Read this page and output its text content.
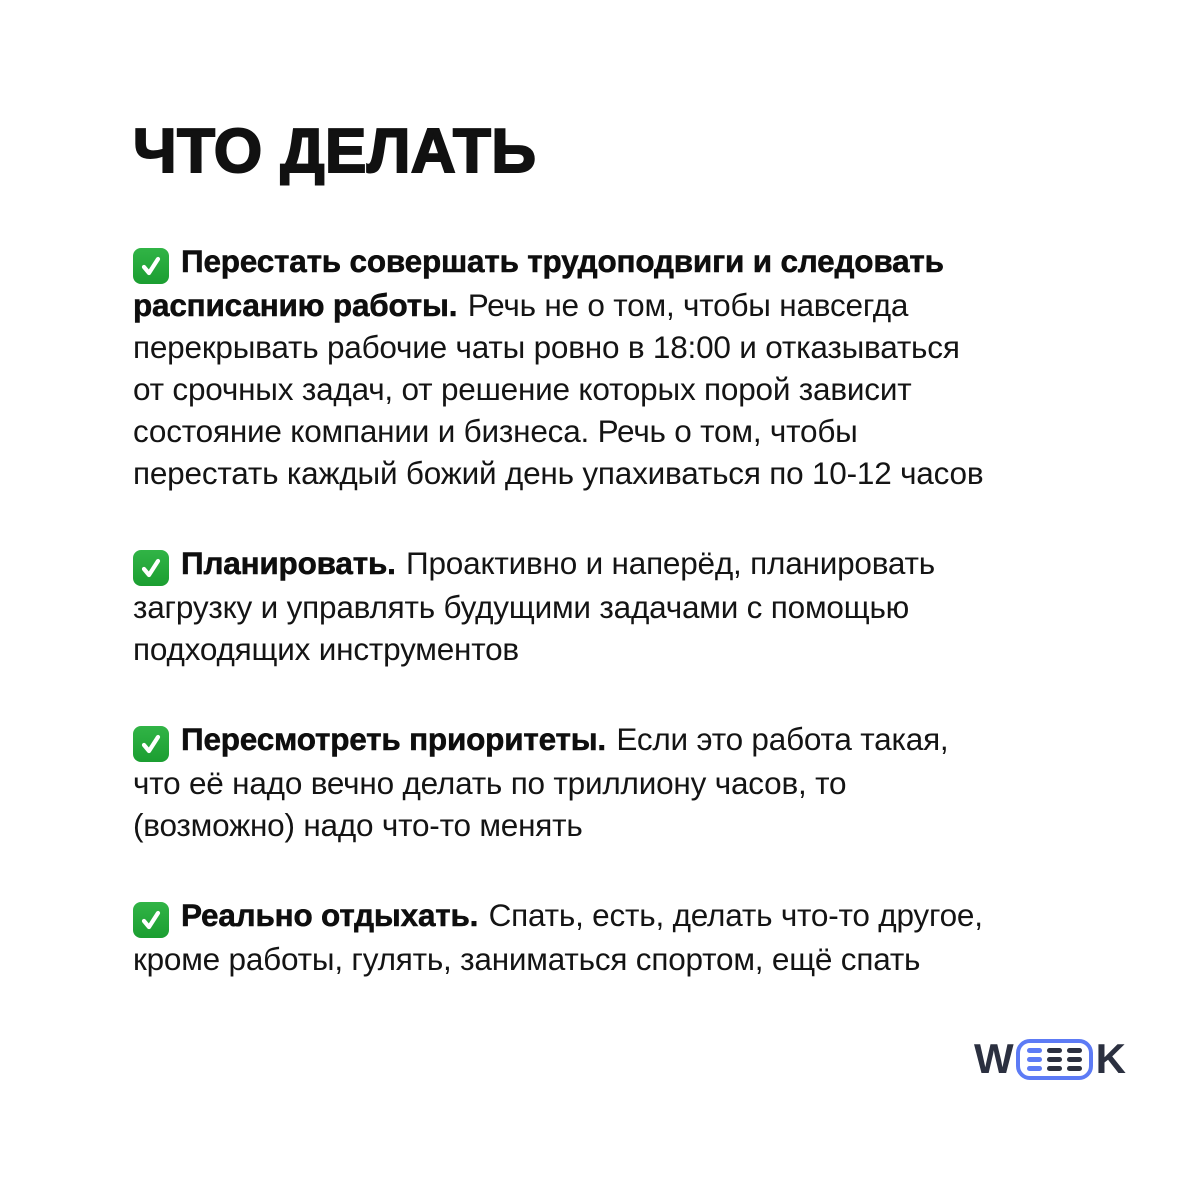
ЧТО ДЕЛАТЬ

Перестать совершать трудоподвиги и следовать расписанию работы. Речь не о том, чтобы навсегда перекрывать рабочие чаты ровно в 18:00 и отказываться от срочных задач, от решение которых порой зависит состояние компании и бизнеса. Речь о том, чтобы перестать каждый божий день упахиваться по 10-12 часов

Планировать. Проактивно и наперёд, планировать загрузку и управлять будущими задачами с помощью подходящих инструментов

Пересмотреть приоритеты. Если это работа такая, что её надо вечно делать по триллиону часов, то (возможно) надо что-то менять

Реально отдыхать. Спать, есть, делать что-то другое, кроме работы, гулять, заниматься спортом, ещё спать

W K
